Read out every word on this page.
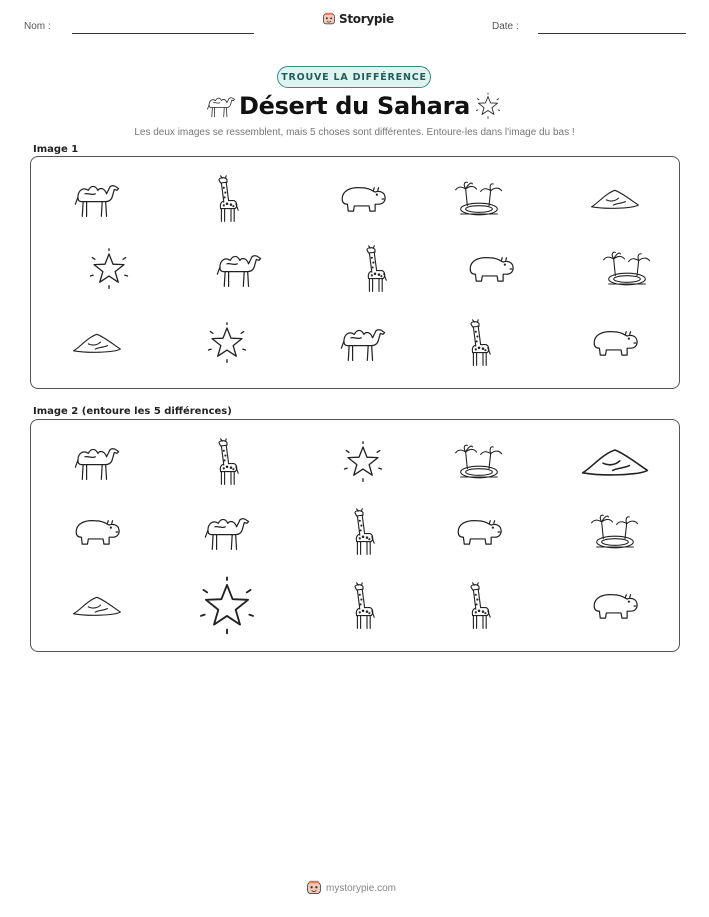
Nom :
Storypie
Date :
TROUVE LA DIFFÉRENCE
Désert du Sahara
Les deux images se ressemblent, mais 5 choses sont différentes. Entoure-les dans l'image du bas !
Image 1
Image 2 (entoure les 5 différences)
mystorypie.com
